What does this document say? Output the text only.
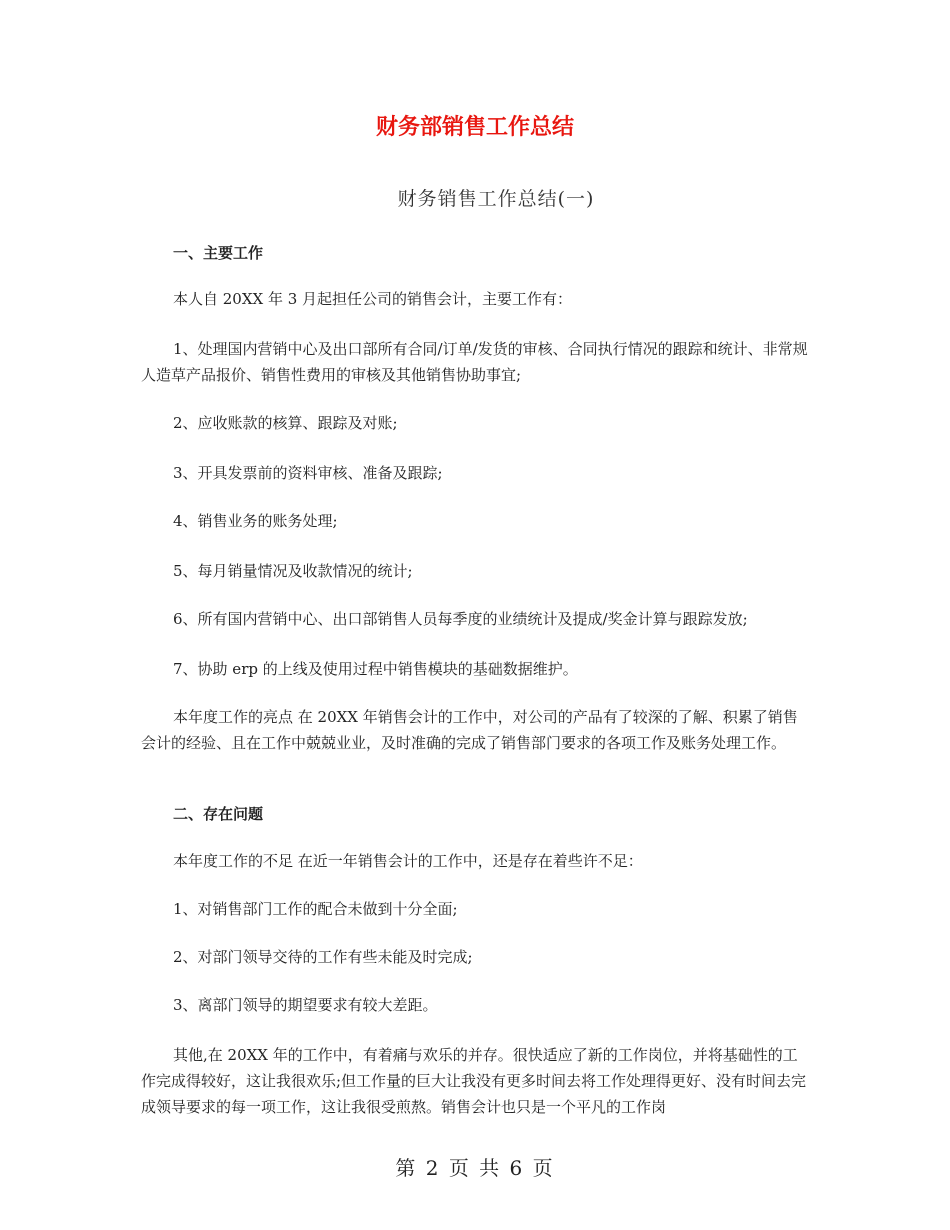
财务部销售工作总结
财务销售工作总结(一)

一、主要工作

本人自 20XX 年 3 月起担任公司的销售会计，主要工作有：

1、处理国内营销中心及出口部所有合同/订单/发货的审核、合同执行情况的跟踪和统计、非常规人造草产品报价、销售性费用的审核及其他销售协助事宜;

2、应收账款的核算、跟踪及对账;

3、开具发票前的资料审核、准备及跟踪;

4、销售业务的账务处理;

5、每月销量情况及收款情况的统计;

6、所有国内营销中心、出口部销售人员每季度的业绩统计及提成/奖金计算与跟踪发放;

7、协助 erp 的上线及使用过程中销售模块的基础数据维护。

本年度工作的亮点 在 20XX 年销售会计的工作中，对公司的产品有了较深的了解、积累了销售会计的经验、且在工作中兢兢业业，及时准确的完成了销售部门要求的各项工作及账务处理工作。

二、存在问题

本年度工作的不足 在近一年销售会计的工作中，还是存在着些许不足：

1、对销售部门工作的配合未做到十分全面;

2、对部门领导交待的工作有些未能及时完成;

3、离部门领导的期望要求有较大差距。

其他,在 20XX 年的工作中，有着痛与欢乐的并存。很快适应了新的工作岗位，并将基础性的工作完成得较好，这让我很欢乐;但工作量的巨大让我没有更多时间去将工作处理得更好、没有时间去完成领导要求的每一项工作，这让我很受煎熬。销售会计也只是一个平凡的工作岗

第 2 页 共 6 页
